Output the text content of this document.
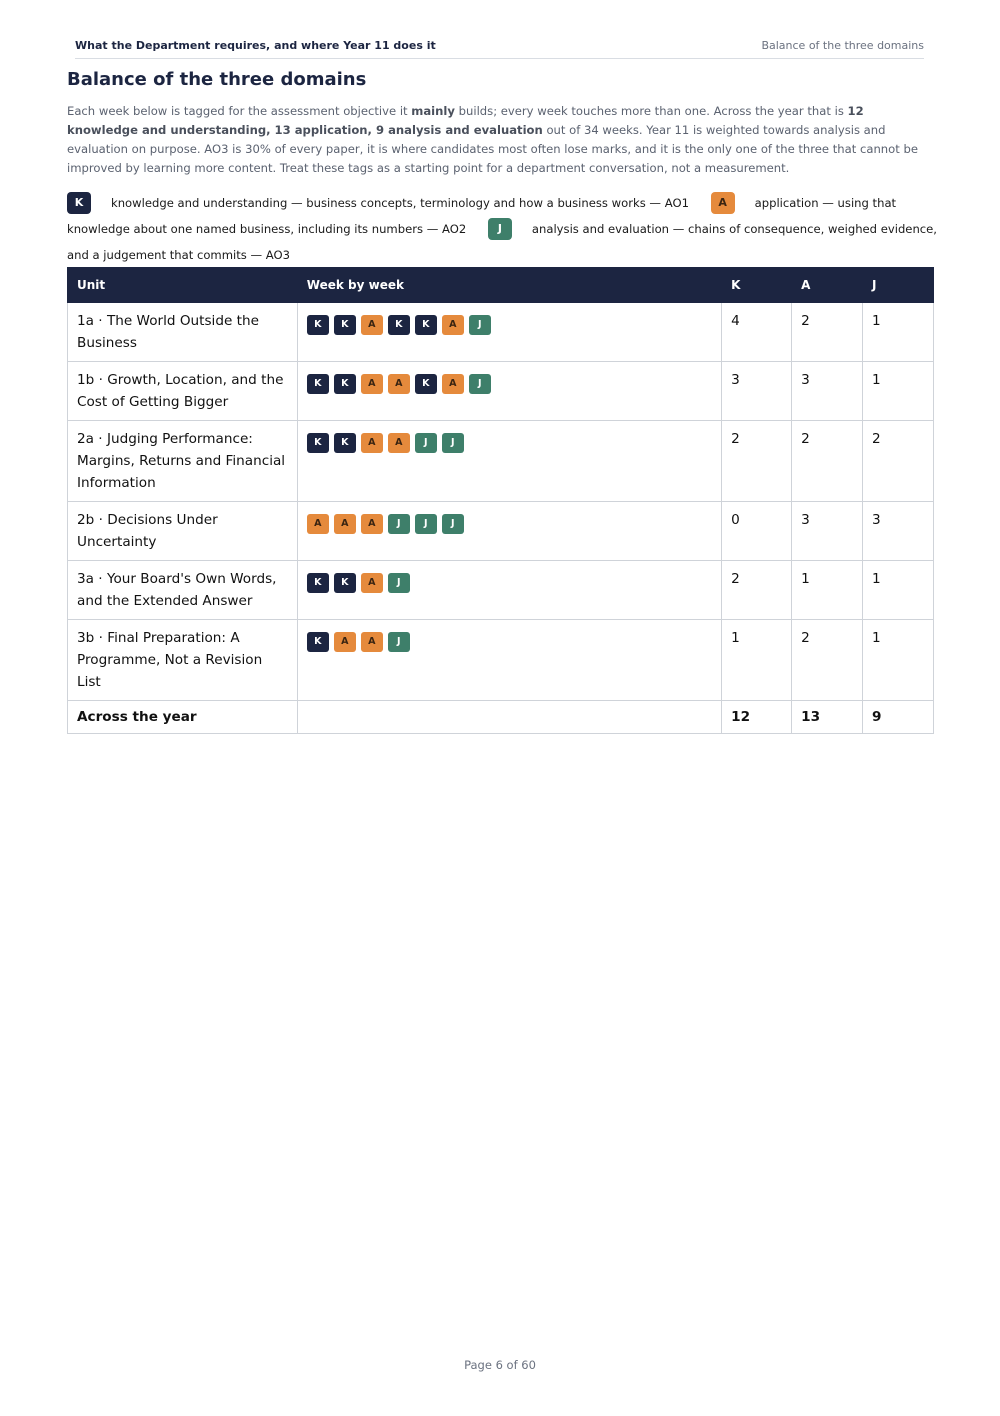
What the Department requires, and where Year 11 does it	Balance of the three domains
Balance of the three domains

Each week below is tagged for the assessment objective it mainly builds; every week touches more than one. Across the year that is 12 knowledge and understanding, 13 application, 9 analysis and evaluation out of 34 weeks. Year 11 is weighted towards analysis and evaluation on purpose. AO3 is 30% of every paper, it is where candidates most often lose marks, and it is the only one of the three that cannot be improved by learning more content. Treat these tags as a starting point for a department conversation, not a measurement.

K knowledge and understanding — business concepts, terminology and how a business works — AO1	A application — using that knowledge about one named business, including its numbers — AO2	J	analysis and evaluation — chains of consequence, weighed evidence, and a judgement that commits — AO3
Unit	Week by week	K	A	J
1a · The World Outside the Business	K K A K K A J	4	2	1
1b · Growth, Location, and the Cost of Getting Bigger	K K A A K A J	3	3	1
2a · Judging Performance: Margins, Returns and Financial Information	K K A A J J	2	2	2
2b · Decisions Under Uncertainty	A A A J J J	0	3	3
3a · Your Board's Own Words, and the Extended Answer	K K A J	2	1	1
3b · Final Preparation: A Programme, Not a Revision List	K A A J	1	2	1
Across the year		12	13	9
Page 6 of 60
